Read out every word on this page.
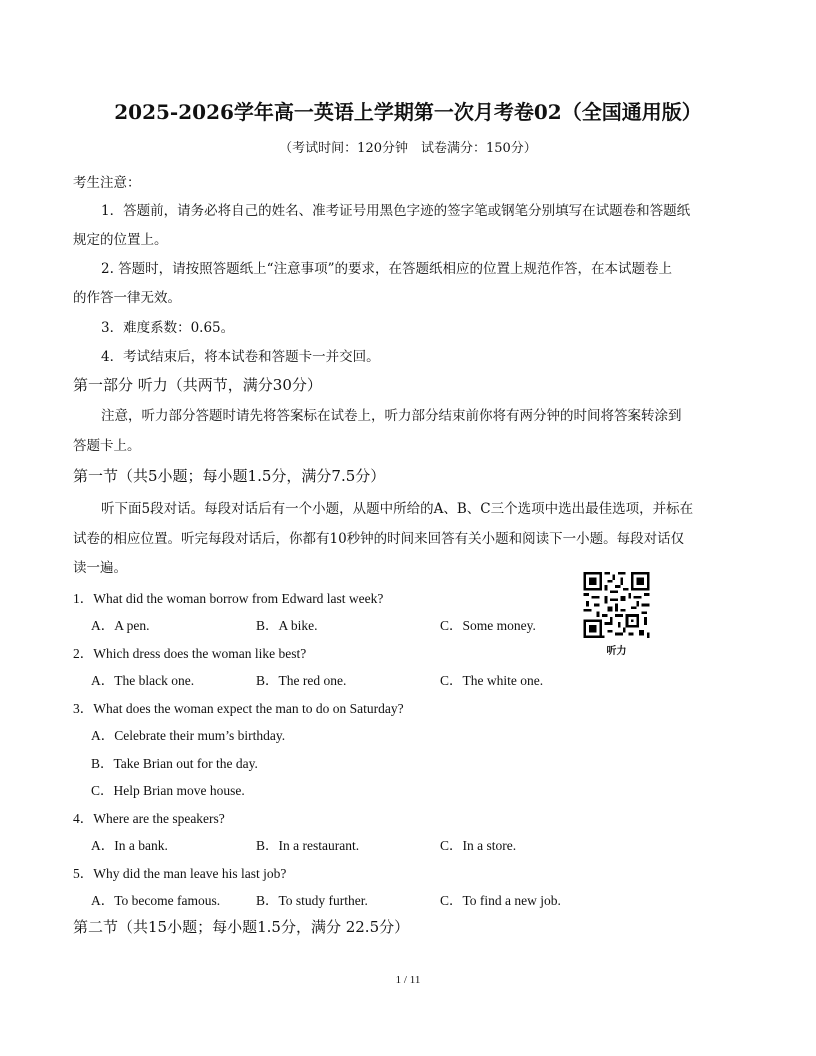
2025-2026学年高一英语上学期第一次月考卷02（全国通用版）
（考试时间：120分钟　试卷满分：150分）
考生注意：
1．答题前，请务必将自己的姓名、准考证号用黑色字迹的签字笔或钢笔分别填写在试题卷和答题纸
规定的位置上。
2. 答题时，请按照答题纸上“注意事项”的要求，在答题纸相应的位置上规范作答，在本试题卷上
的作答一律无效。
3．难度系数：0.65。
4．考试结束后，将本试卷和答题卡一并交回。
第一部分 听力（共两节，满分30分）
注意，听力部分答题时请先将答案标在试卷上，听力部分结束前你将有两分钟的时间将答案转涂到
答题卡上。
第一节（共5小题；每小题1.5分，满分7.5分）
听下面5段对话。每段对话后有一个小题，从题中所给的A、B、C三个选项中选出最佳选项，并标在
试卷的相应位置。听完每段对话后，你都有10秒钟的时间来回答有关小题和阅读下一小题。每段对话仅
读一遍。
1．What did the woman borrow from Edward last week?
A．A pen.	B．A bike.	C．Some money.
2．Which dress does the woman like best?
A．The black one.	B．The red one.	C．The white one.
3．What does the woman expect the man to do on Saturday?
A．Celebrate their mum’s birthday.
B．Take Brian out for the day.
C．Help Brian move house.
4．Where are the speakers?
A．In a bank.	B．In a restaurant.	C．In a store.
5．Why did the man leave his last job?
A．To become famous.	B．To study further.	C．To find a new job.
第二节（共15小题；每小题1.5分，满分 22.5分）
听力
1 / 11
